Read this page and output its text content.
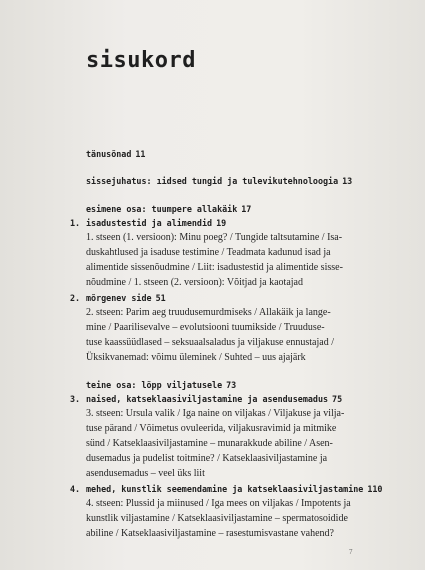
sisukord
tänusõnad 11
sissejuhatus: ıidsed tungid ja tulevikutehnoloogia 13
esimene osa: tuumpere allakäik 17
1. isadustestid ja alimendid 19
1. stseen (1. versioon): Minu poeg? / Tungide taltsutamine / Isa-
duskahtlused ja isaduse testimine / Teadmata kadunud isad ja
alimentide sissenõudmine / Liit: isadustestid ja alimentide sisse-
nõudmine / 1. stseen (2. versioon): Võitjad ja kaotajad
2. mõrgenev side 51
2. stseen: Parim aeg truudusemurdmiseks / Allakäik ja lange-
mine / Paarilisevalve – evolutsiooni tuumikside / Truuduse-
tuse kaassüüdlased – seksuaalsaladus ja viljakuse ennustajad /
Üksikvanemad: võimu üleminek / Suhted – uus ajajärk
teine osa: lõpp viljatusele 73
3. naised, katseklaasiviljastamine ja asendusemadus 75
3. stseen: Ursula valik / Iga naine on viljakas / Viljakuse ja vilja-
tuse pärand / Võimetus ovuleerida, viljakusravimid ja mitmike
sünd / Katseklaasiviljastamine – munarakkude abiline / Asen-
dusemadus ja pudelist toitmine? / Katseklaasiviljastamine ja
asendusemadus – veel üks liit
4. mehed, kunstlik seemendamine ja katseklaasiviljastamine 110
4. stseen: Plussid ja miinused / Iga mees on viljakas / Impotents ja
kunstlik viljastamine / Katseklaasiviljastamine – spermatosoidide
abiline / Katseklaasiviljastamine – rasestumisvastane vahend?
7
